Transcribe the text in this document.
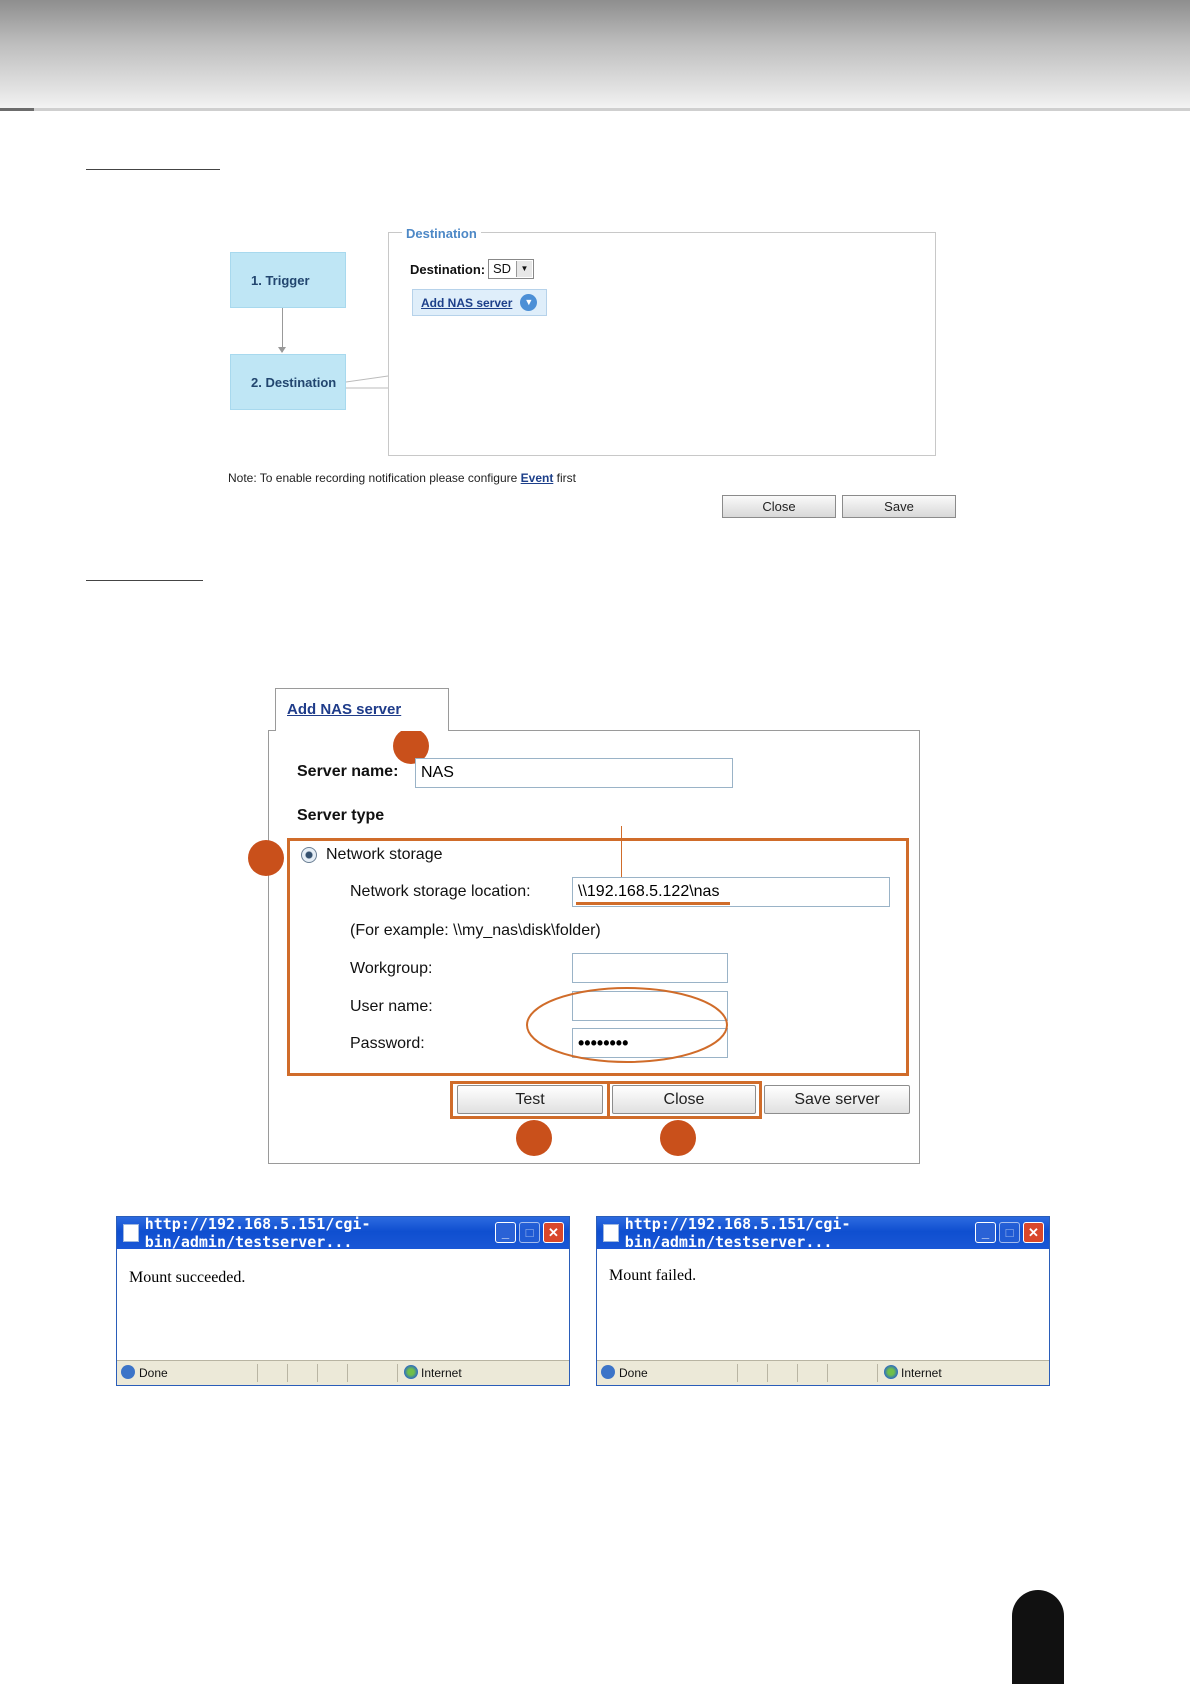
1. Trigger
2. Destination
Destination
Destination: SD	▼
Add NAS server	▼
Note: To enable recording notification please configure Event first
Close	Save
Add NAS server
Server name: NAS
Server type
Network storage
Network storage location:	\\192.168.5.122\nas
(For example: \\my_nas\disk\folder)
Workgroup:
User name:
Password:	••••••••
Test	Close	Save server
http://192.168.5.151/cgi-bin/admin/testserver...
_	□	✕
Mount succeeded.
Done	Internet
http://192.168.5.151/cgi-bin/admin/testserver...
_	□	✕
Mount failed.
Done	Internet
